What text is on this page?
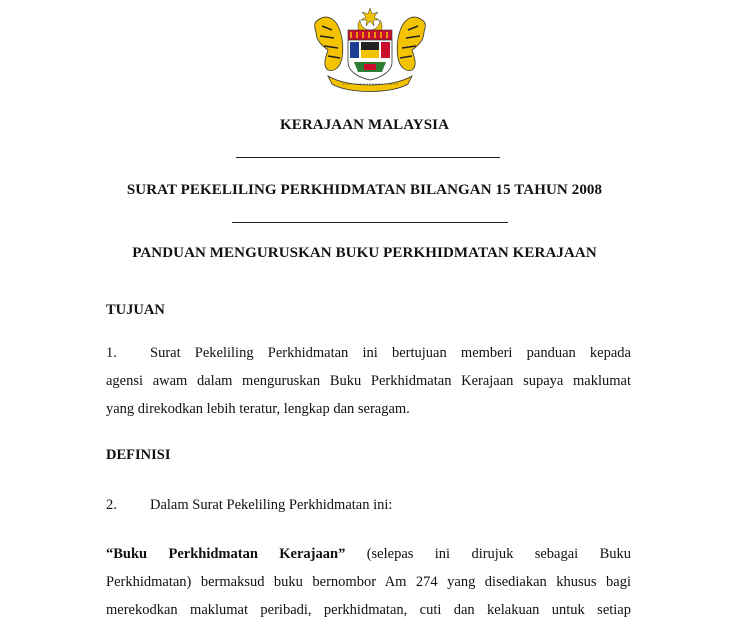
KERAJAAN MALAYSIA
SURAT PEKELILING PERKHIDMATAN BILANGAN 15 TAHUN 2008
PANDUAN MENGURUSKAN BUKU PERKHIDMATAN KERAJAAN
TUJUAN
1. Surat Pekeliling Perkhidmatan ini bertujuan memberi panduan kepada
agensi awam dalam menguruskan Buku Perkhidmatan Kerajaan supaya maklumat
yang direkodkan lebih teratur, lengkap dan seragam.
DEFINISI
2. Dalam Surat Pekeliling Perkhidmatan ini:
“Buku Perkhidmatan Kerajaan” (selepas ini dirujuk sebagai Buku
Perkhidmatan) bermaksud buku bernombor Am 274 yang disediakan khusus bagi
merekodkan maklumat peribadi, perkhidmatan, cuti dan kelakuan untuk setiap
